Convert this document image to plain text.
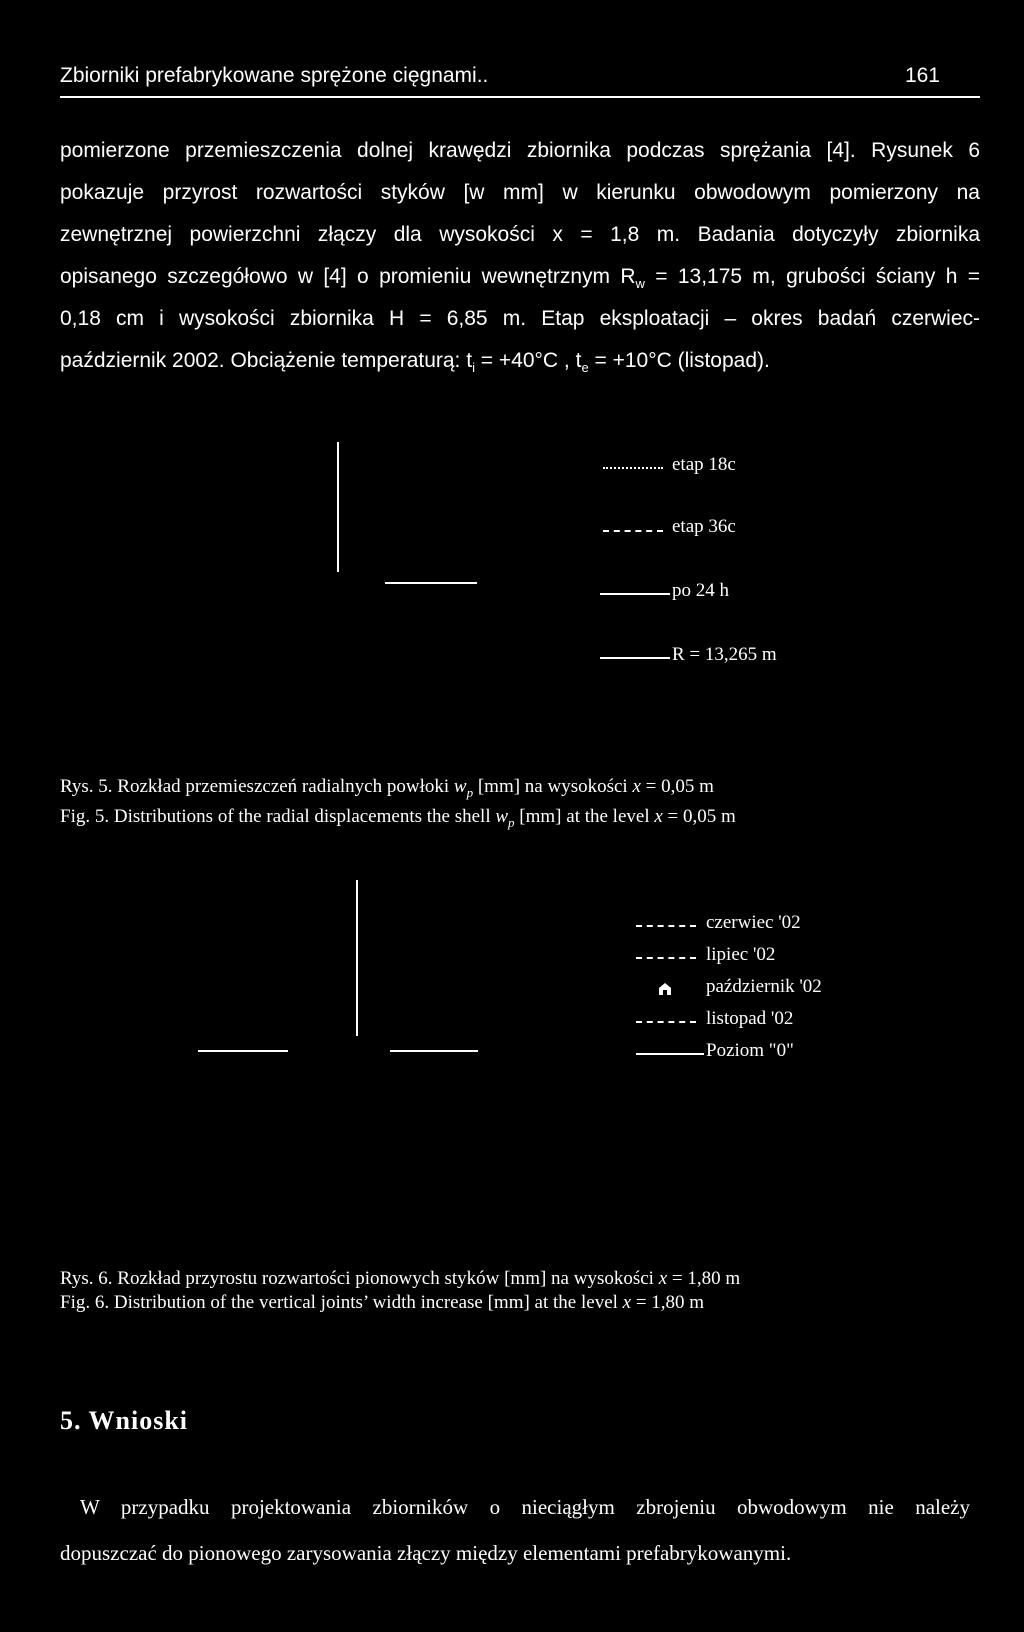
Zbiorniki prefabrykowane sprężone cięgnami..	161
pomierzone przemieszczenia dolnej krawędzi zbiornika podczas sprężania [4]. Rysunek 6
pokazuje przyrost rozwartości styków [w mm] w kierunku obwodowym pomierzony na
zewnętrznej powierzchni złączy dla wysokości x = 1,8 m. Badania dotyczyły zbiornika
opisanego szczegółowo w [4] o promieniu wewnętrznym $R_w = 13,175$ m, grubości ściany h =
0,18 cm i wysokości zbiornika H = 6,85 m. Etap eksploatacji – okres badań czerwiec-
październik 2002. Obciążenie temperaturą: $t_i = +40^\circ C$ , $t_e = +10^\circ C$ (listopad).
etap 18c
etap 36c
po 24 h
R = 13,265 m
Rys. 5. Rozkład przemieszczeń radialnych powłoki $w_p$ [mm] na wysokości x = 0,05 m
Fig. 5. Distributions of the radial displacements the shell $w_p$ [mm] at the level x = 0,05 m
czerwiec '02
lipiec '02
październik '02
listopad '02
Poziom "0"
Rys. 6. Rozkład przyrostu rozwartości pionowych styków [mm] na wysokości x = 1,80 m
Fig. 6. Distribution of the vertical joints’ width increase [mm] at the level x = 1,80 m
5. Wnioski
W przypadku projektowania zbiorników o nieciągłym zbrojeniu obwodowym nie należy
dopuszczać do pionowego zarysowania złączy między elementami prefabrykowanymi.
